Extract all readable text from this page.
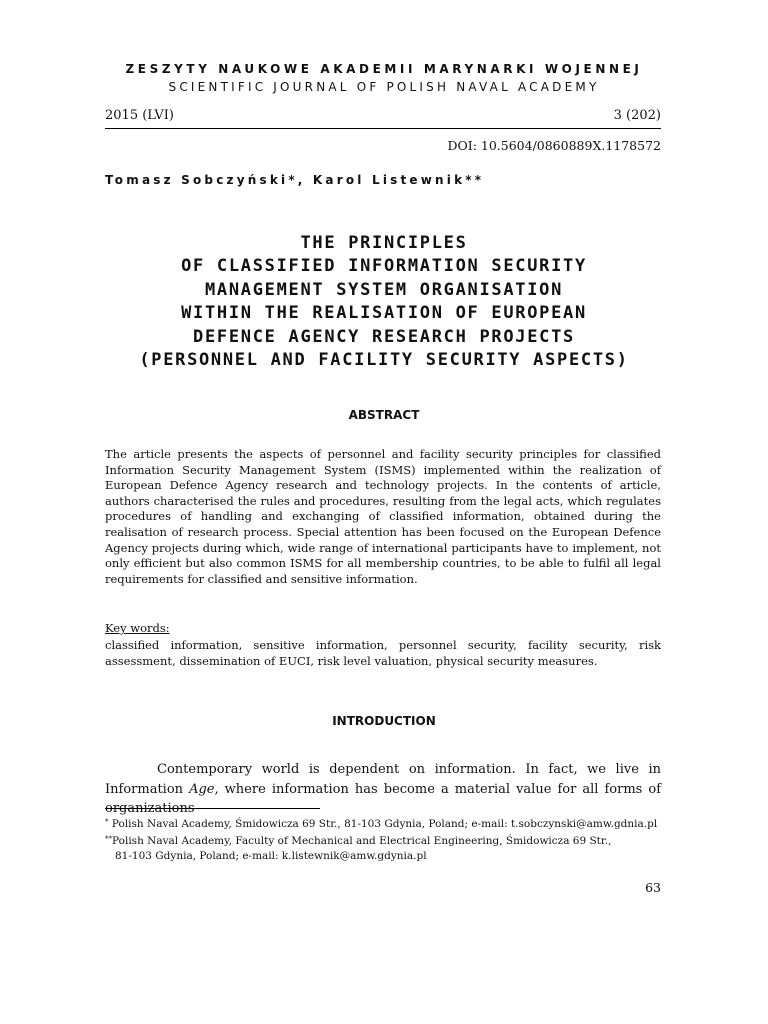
ZESZYTY NAUKOWE AKADEMII MARYNARKI WOJENNEJ
SCIENTIFIC JOURNAL OF POLISH NAVAL ACADEMY
2015 (LVI)	3 (202)
DOI: 10.5604/0860889X.1178572
Tomasz Sobczyński*, Karol Listewnik**
THE PRINCIPLES
OF CLASSIFIED INFORMATION SECURITY
MANAGEMENT SYSTEM ORGANISATION
WITHIN THE REALISATION OF EUROPEAN
DEFENCE AGENCY RESEARCH PROJECTS
(PERSONNEL AND FACILITY SECURITY ASPECTS)
ABSTRACT
The article presents the aspects of personnel and facility security principles for classified Information Security Management System (ISMS) implemented within the realization of European Defence Agency research and technology projects. In the contents of article, authors characterised the rules and procedures, resulting from the legal acts, which regulates procedures of handling and exchanging of classified information, obtained during the realisation of research process. Special attention has been focused on the European Defence Agency projects during which, wide range of international participants have to implement, not only efficient but also common ISMS for all membership countries, to be able to fulfil all legal requirements for classified and sensitive information.
Key words:
classified information, sensitive information, personnel security, facility security, risk assessment, dissemination of EUCI, risk level valuation, physical security measures.
INTRODUCTION
Contemporary world is dependent on information. In fact, we live in Information Age, where information has become a material value for all forms of organizations
* Polish Naval Academy, Śmidowicza 69 Str., 81-103 Gdynia, Poland; e-mail: t.sobczynski@amw.gdnia.pl
**Polish Naval Academy, Faculty of Mechanical and Electrical Engineering, Śmidowicza 69 Str.,
81-103 Gdynia, Poland; e-mail: k.listewnik@amw.gdynia.pl
63
